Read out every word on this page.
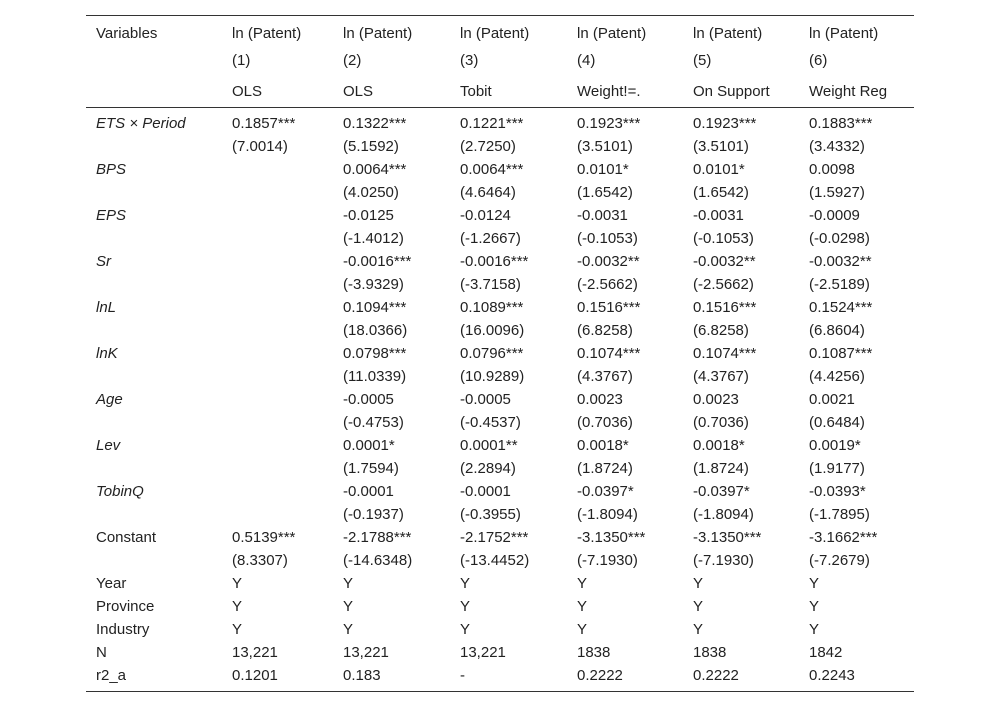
Variables	ln (Patent)	ln (Patent)	ln (Patent)	ln (Patent)	ln (Patent)	ln (Patent)
	(1)	(2)	(3)	(4)	(5)	(6)
	OLS	OLS	Tobit	Weight!=.	On Support	Weight Reg
ETS × Period	0.1857***	0.1322***	0.1221***	0.1923***	0.1923***	0.1883***
	(7.0014)	(5.1592)	(2.7250)	(3.5101)	(3.5101)	(3.4332)
BPS		0.0064***	0.0064***	0.0101*	0.0101*	0.0098
		(4.0250)	(4.6464)	(1.6542)	(1.6542)	(1.5927)
EPS		-0.0125	-0.0124	-0.0031	-0.0031	-0.0009
		(-1.4012)	(-1.2667)	(-0.1053)	(-0.1053)	(-0.0298)
Sr		-0.0016***	-0.0016***	-0.0032**	-0.0032**	-0.0032**
		(-3.9329)	(-3.7158)	(-2.5662)	(-2.5662)	(-2.5189)
lnL		0.1094***	0.1089***	0.1516***	0.1516***	0.1524***
		(18.0366)	(16.0096)	(6.8258)	(6.8258)	(6.8604)
lnK		0.0798***	0.0796***	0.1074***	0.1074***	0.1087***
		(11.0339)	(10.9289)	(4.3767)	(4.3767)	(4.4256)
Age		-0.0005	-0.0005	0.0023	0.0023	0.0021
		(-0.4753)	(-0.4537)	(0.7036)	(0.7036)	(0.6484)
Lev		0.0001*	0.0001**	0.0018*	0.0018*	0.0019*
		(1.7594)	(2.2894)	(1.8724)	(1.8724)	(1.9177)
TobinQ		-0.0001	-0.0001	-0.0397*	-0.0397*	-0.0393*
		(-0.1937)	(-0.3955)	(-1.8094)	(-1.8094)	(-1.7895)
Constant	0.5139***	-2.1788***	-2.1752***	-3.1350***	-3.1350***	-3.1662***
	(8.3307)	(-14.6348)	(-13.4452)	(-7.1930)	(-7.1930)	(-7.2679)
Year	Y	Y	Y	Y	Y	Y
Province	Y	Y	Y	Y	Y	Y
Industry	Y	Y	Y	Y	Y	Y
N	13,221	13,221	13,221	1838	1838	1842
r2_a	0.1201	0.183	-	0.2222	0.2222	0.2243
